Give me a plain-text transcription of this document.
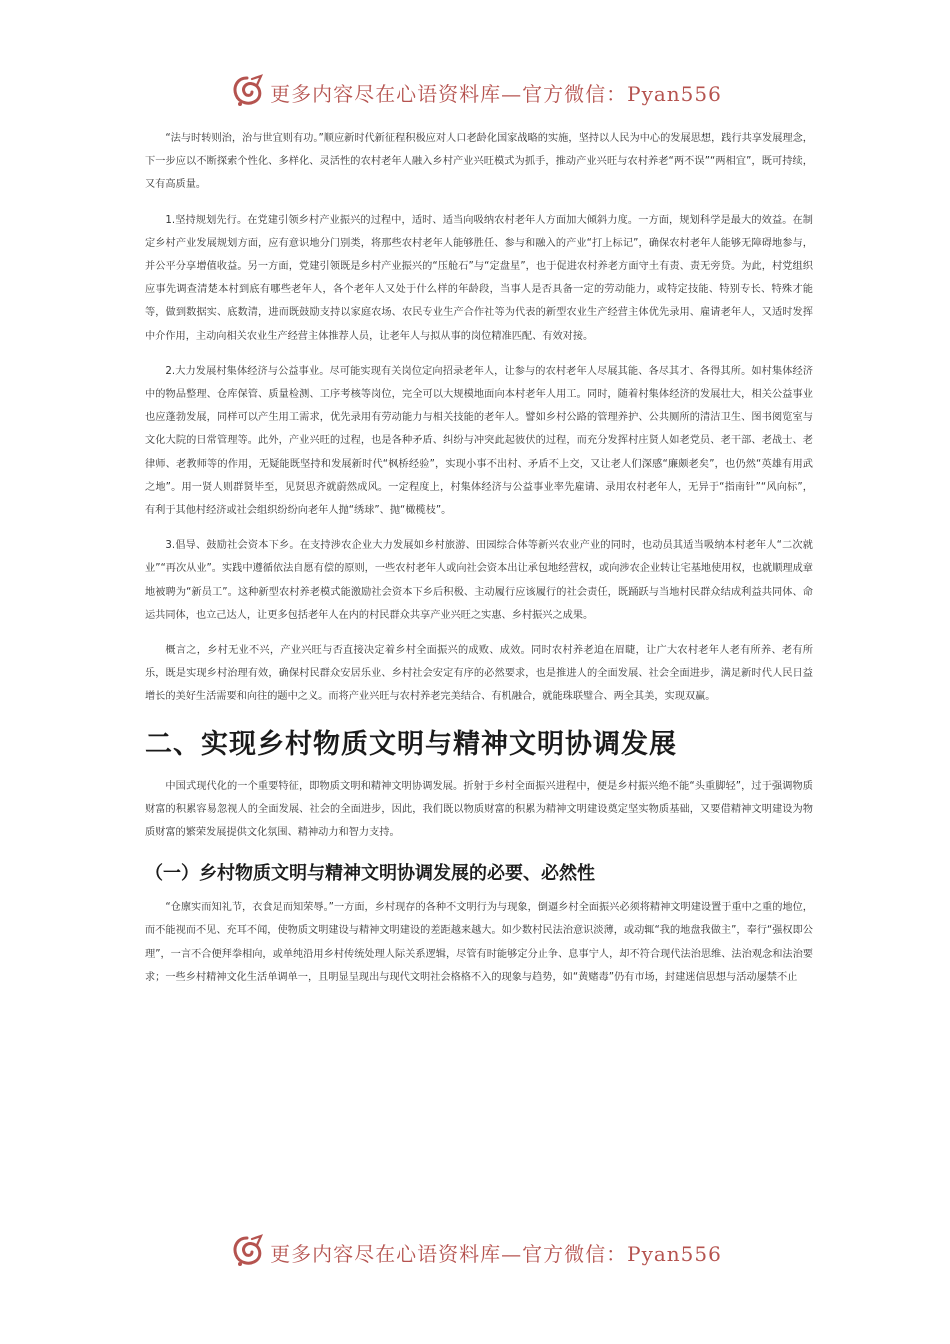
更多内容尽在心语资料库—官方微信：Pyan556

“法与时转则治，治与世宜则有功。”顺应新时代新征程积极应对人口老龄化国家战略的实施，坚持以人民为中心的发展思想，践行共享发展理念，下一步应以不断探索个性化、多样化、灵活性的农村老年人融入乡村产业兴旺模式为抓手，推动产业兴旺与农村养老“两不误”“两相宜”，既可持续，又有高质量。

1.坚持规划先行。在党建引领乡村产业振兴的过程中，适时、适当向吸纳农村老年人方面加大倾斜力度。一方面，规划科学是最大的效益。在制定乡村产业发展规划方面，应有意识地分门别类，将那些农村老年人能够胜任、参与和融入的产业“打上标记”，确保农村老年人能够无障碍地参与，并公平分享增值收益。另一方面，党建引领既是乡村产业振兴的“压舱石”与“定盘星”，也于促进农村养老方面守土有责、责无旁贷。为此，村党组织应事先调查清楚本村到底有哪些老年人，各个老年人又处于什么样的年龄段，当事人是否具备一定的劳动能力，或特定技能、特别专长、特殊才能等，做到数据实、底数清，进而既鼓励支持以家庭农场、农民专业生产合作社等为代表的新型农业生产经营主体优先录用、雇请老年人，又适时发挥中介作用，主动向相关农业生产经营主体推荐人员，让老年人与拟从事的岗位精准匹配、有效对接。

2.大力发展村集体经济与公益事业。尽可能实现有关岗位定向招录老年人，让参与的农村老年人尽展其能、各尽其才、各得其所。如村集体经济中的物品整理、仓库保管、质量检测、工序考核等岗位，完全可以大规模地面向本村老年人用工。同时，随着村集体经济的发展壮大，相关公益事业也应蓬勃发展，同样可以产生用工需求，优先录用有劳动能力与相关技能的老年人。譬如乡村公路的管理养护、公共厕所的清洁卫生、图书阅览室与文化大院的日常管理等。此外，产业兴旺的过程，也是各种矛盾、纠纷与冲突此起彼伏的过程，而充分发挥村庄贤人如老党员、老干部、老战士、老律师、老教师等的作用，无疑能既坚持和发展新时代“枫桥经验”，实现小事不出村、矛盾不上交，又让老人们深感“廉颇老矣”，也仍然“英雄有用武之地”。用一贤人则群贤毕至，见贤思齐就蔚然成风。一定程度上，村集体经济与公益事业率先雇请、录用农村老年人，无异于“指南针”“风向标”，有利于其他村经济或社会组织纷纷向老年人抛“绣球”、抛“橄榄枝”。

3.倡导、鼓励社会资本下乡。在支持涉农企业大力发展如乡村旅游、田园综合体等新兴农业产业的同时，也动员其适当吸纳本村老年人“二次就业”“再次从业”。实践中遵循依法自愿有偿的原则，一些农村老年人或向社会资本出让承包地经营权，或向涉农企业转让宅基地使用权，也就顺理成章地被聘为“新员工”。这种新型农村养老模式能激励社会资本下乡后积极、主动履行应该履行的社会责任，既踊跃与当地村民群众结成利益共同体、命运共同体，也立己达人，让更多包括老年人在内的村民群众共享产业兴旺之实惠、乡村振兴之成果。

概言之，乡村无业不兴，产业兴旺与否直接决定着乡村全面振兴的成败、成效。同时农村养老迫在眉睫，让广大农村老年人老有所养、老有所乐，既是实现乡村治理有效，确保村民群众安居乐业、乡村社会安定有序的必然要求，也是推进人的全面发展、社会全面进步，满足新时代人民日益增长的美好生活需要和向往的题中之义。而将产业兴旺与农村养老完美结合、有机融合，就能珠联璧合、两全其美，实现双赢。

二、实现乡村物质文明与精神文明协调发展

中国式现代化的一个重要特征，即物质文明和精神文明协调发展。折射于乡村全面振兴进程中，便是乡村振兴绝不能“头重脚轻”，过于强调物质财富的积累容易忽视人的全面发展、社会的全面进步，因此，我们既以物质财富的积累为精神文明建设奠定坚实物质基础，又要借精神文明建设为物质财富的繁荣发展提供文化氛围、精神动力和智力支持。

（一）乡村物质文明与精神文明协调发展的必要、必然性

“仓廪实而知礼节，衣食足而知荣辱。”一方面，乡村现存的各种不文明行为与现象，倒逼乡村全面振兴必须将精神文明建设置于重中之重的地位，而不能视而不见、充耳不闻，使物质文明建设与精神文明建设的差距越来越大。如少数村民法治意识淡薄，或动辄“我的地盘我做主”，奉行“强权即公理”，一言不合便拜拳相向，或单纯沿用乡村传统处理人际关系逻辑，尽管有时能够定分止争、息事宁人，却不符合现代法治思维、法治观念和法治要求；一些乡村精神文化生活单调单一，且明显呈现出与现代文明社会格格不入的现象与趋势，如“黄赌毒”仍有市场，封建迷信思想与活动屡禁不止

更多内容尽在心语资料库—官方微信：Pyan556
